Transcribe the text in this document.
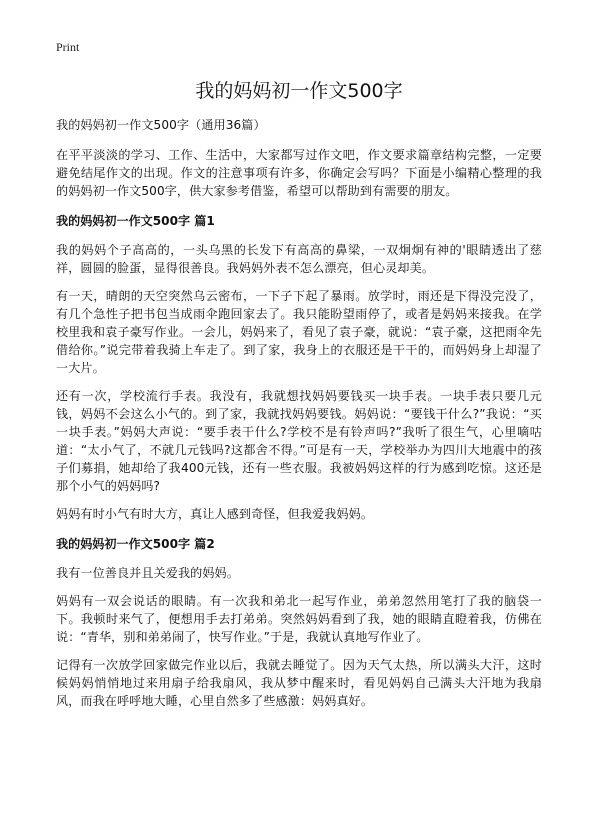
Print
我的妈妈初一作文500字

我的妈妈初一作文500字（通用36篇）

在平平淡淡的学习、工作、生活中，大家都写过作文吧，作文要求篇章结构完整，一定要避免结尾作文的出现。作文的注意事项有许多，你确定会写吗？下面是小编精心整理的我的妈妈初一作文500字，供大家参考借鉴，希望可以帮助到有需要的朋友。

我的妈妈初一作文500字 篇1

我的妈妈个子高高的，一头乌黑的长发下有高高的鼻梁，一双炯炯有神的'眼睛透出了慈祥，圆圆的脸蛋，显得很善良。我妈妈外表不怎么漂亮，但心灵却美。

有一天，晴朗的天空突然乌云密布，一下子下起了暴雨。放学时，雨还是下得没完没了，有几个急性子把书包当成雨伞跑回家去了。我只能盼望雨停了，或者是妈妈来接我。在学校里我和袁子豪写作业。一会儿，妈妈来了，看见了袁子豪，就说：“袁子豪，这把雨伞先借给你。”说完带着我骑上车走了。到了家，我身上的衣服还是干干的，而妈妈身上却湿了一大片。

还有一次，学校流行手表。我没有，我就想找妈妈要钱买一块手表。一块手表只要几元钱，妈妈不会这么小气的。到了家，我就找妈妈要钱。妈妈说：“要钱干什么?”我说：“买一块手表。”妈妈大声说：“要手表干什么?学校不是有铃声吗?”我听了很生气，心里嘀咕道：“太小气了，不就几元钱吗?这都舍不得。”可是有一天，学校举办为四川大地震中的孩子们募捐，她却给了我400元钱，还有一些衣服。我被妈妈这样的行为感到吃惊。这还是那个小气的妈妈吗?

妈妈有时小气有时大方，真让人感到奇怪，但我爱我妈妈。

我的妈妈初一作文500字 篇2

我有一位善良并且关爱我的妈妈。

妈妈有一双会说话的眼睛。有一次我和弟北一起写作业，弟弟忽然用笔打了我的脑袋一下。我顿时来气了，便想用手去打弟弟。突然妈妈看到了我，她的眼睛直瞪着我，仿佛在说：“青华，别和弟弟闹了，快写作业。”于是，我就认真地写作业了。

记得有一次放学回家做完作业以后，我就去睡觉了。因为天气太热，所以满头大汗，这时候妈妈悄悄地过来用扇子给我扇风，我从梦中醒来时，看见妈妈自己满头大汗地为我扇风，而我在呼呼地大睡，心里自然多了些感激：妈妈真好。
